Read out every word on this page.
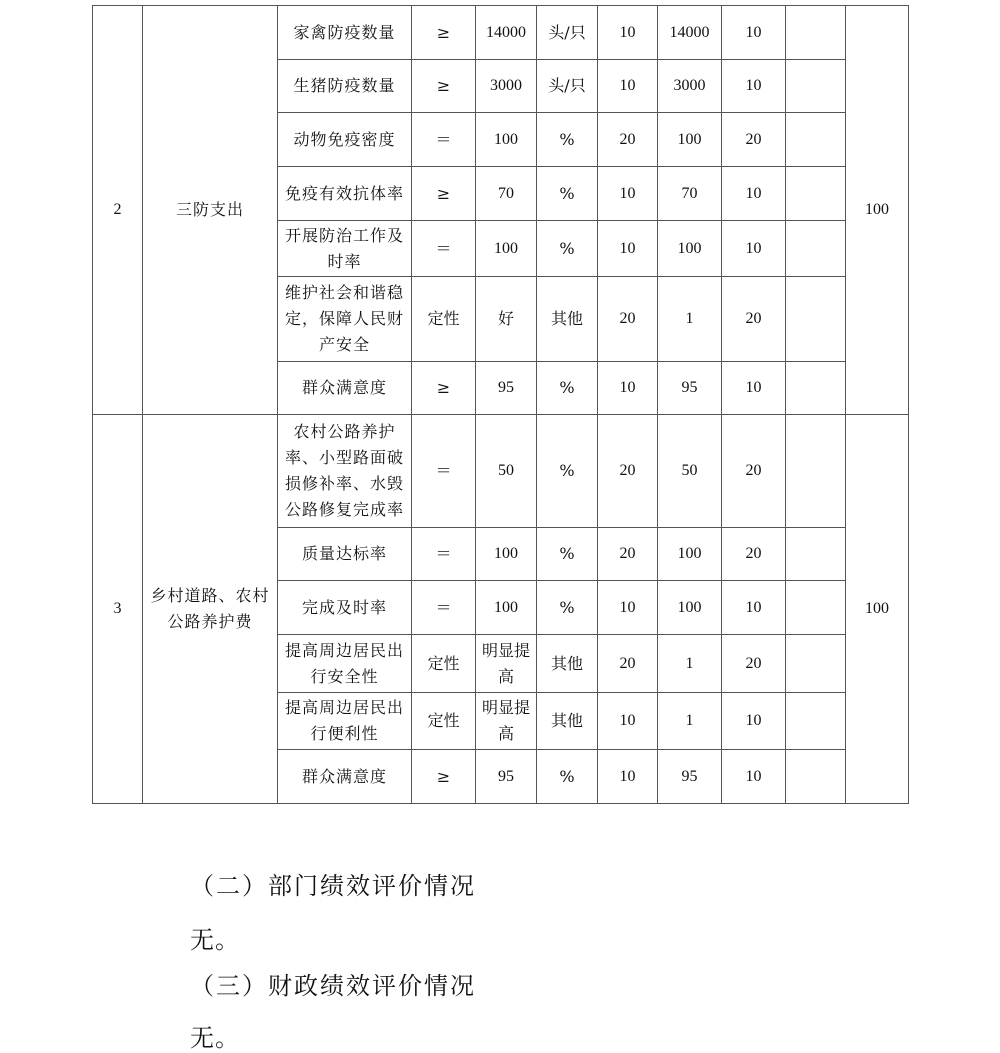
2	三防支出	家禽防疫数量	≥	14000	头/只	10	14000	10		100
		生猪防疫数量	≥	3000	头/只	10	3000	10		
		动物免疫密度	＝	100	%	20	100	20		
		免疫有效抗体率	≥	70	%	10	70	10		
		开展防治工作及时率	＝	100	%	10	100	10		
		维护社会和谐稳定，保障人民财产安全	定性	好	其他	20	1	20		
		群众满意度	≥	95	%	10	95	10		
3	乡村道路、农村公路养护费	农村公路养护率、小型路面破损修补率、水毁公路修复完成率	＝	50	%	20	50	20		100
		质量达标率	＝	100	%	20	100	20		
		完成及时率	＝	100	%	10	100	10		
		提高周边居民出行安全性	定性	明显提高	其他	20	1	20		
		提高周边居民出行便利性	定性	明显提高	其他	10	1	10		
		群众满意度	≥	95	%	10	95	10		
（二）部门绩效评价情况
无。
（三）财政绩效评价情况
无。
